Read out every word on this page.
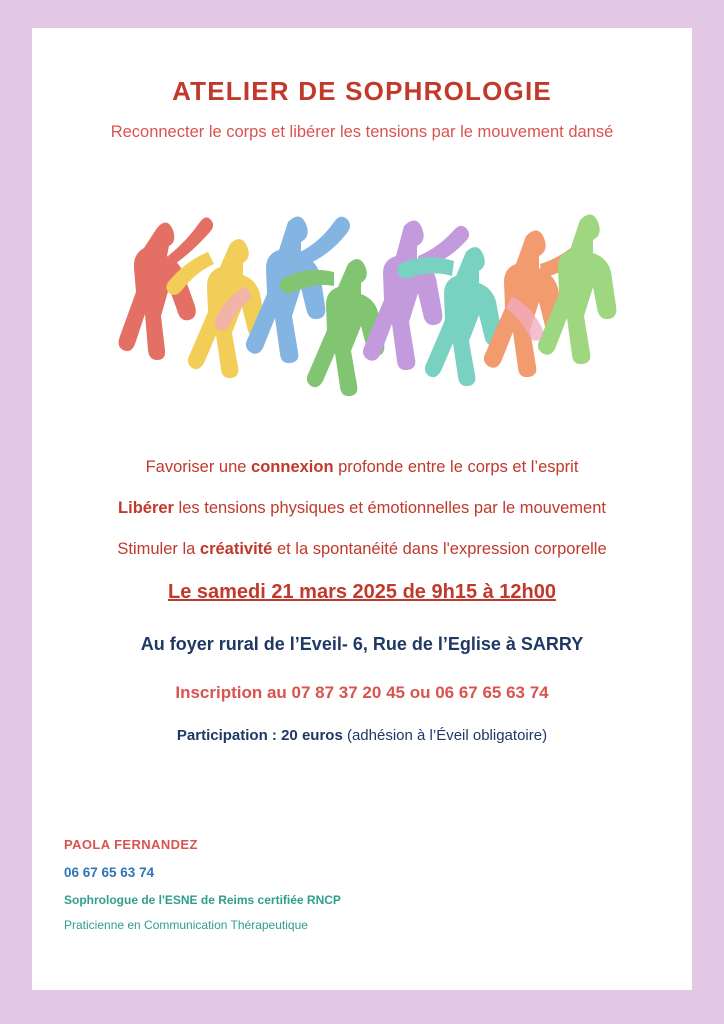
ATELIER DE SOPHROLOGIE
Reconnecter le corps et libérer les tensions par le mouvement dansé
Favoriser une connexion profonde entre le corps et l’esprit
Libérer les tensions physiques et émotionnelles par le mouvement
Stimuler la créativité et la spontanéité dans l'expression corporelle
Le samedi 21 mars 2025 de 9h15 à 12h00
Au foyer rural de l’Eveil- 6, Rue de l’Eglise à SARRY
Inscription au 07 87 37 20 45 ou 06 67 65 63 74
Participation : 20 euros (adhésion à l’Éveil obligatoire)
PAOLA FERNANDEZ
06 67 65 63 74
Sophrologue de l'ESNE de Reims certifiée RNCP
Praticienne en Communication Thérapeutique
